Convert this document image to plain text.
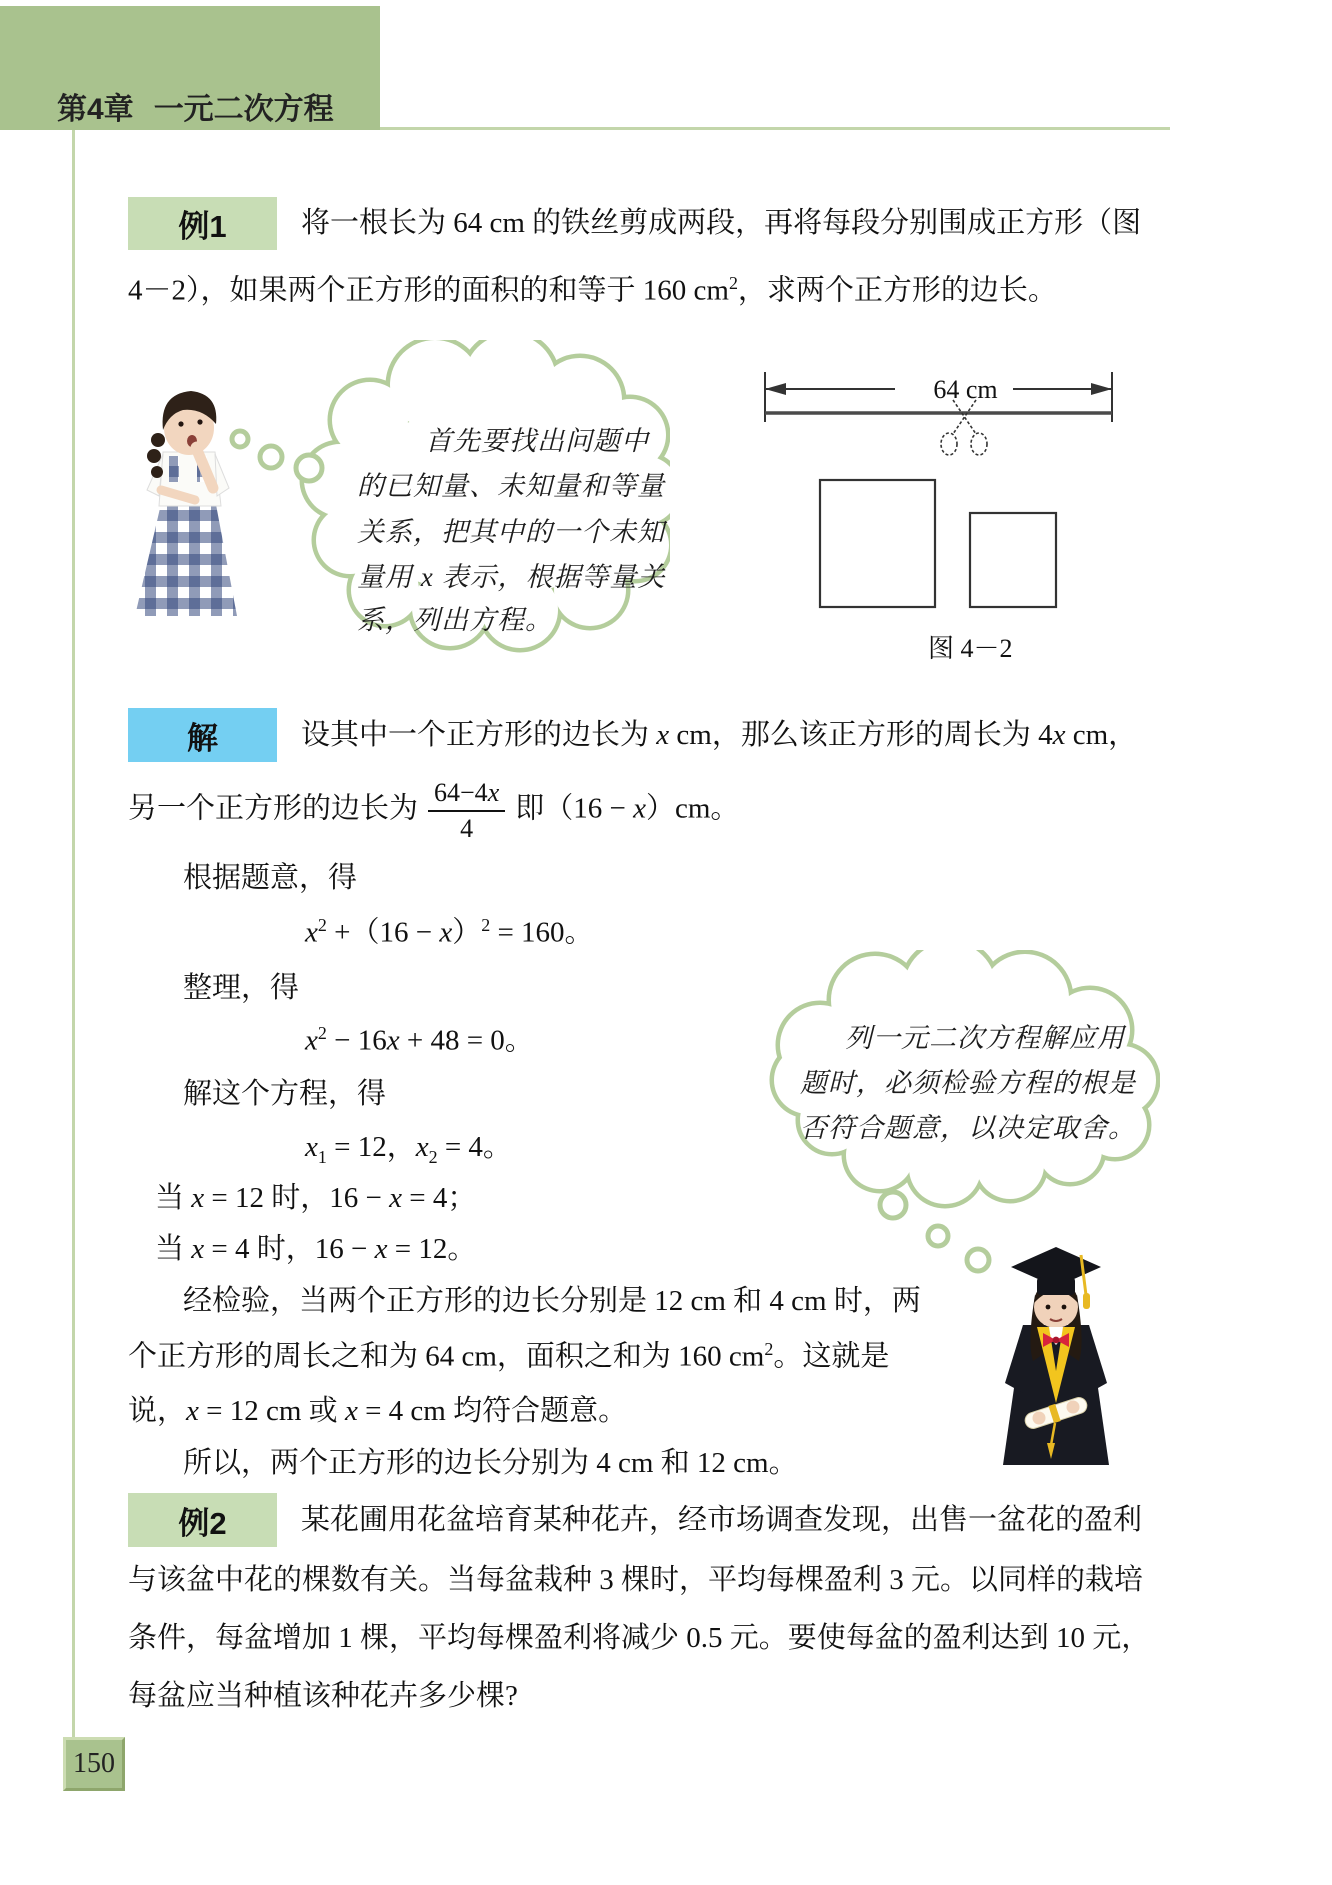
第4章 一元二次方程
例1	将一根长为 64 cm 的铁丝剪成两段，再将每段分别围成正方形（图
4－2），如果两个正方形的面积的和等于 160 $cm^2$，求两个正方形的边长。
首先要找出问题中
的已知量、未知量和等量
关系，把其中的一个未知
量用 x 表示，根据等量关
系，列出方程。
64 cm
图 4－2
解	设其中一个正方形的边长为 x cm，那么该正方形的周长为 4x cm，
另一个正方形的边长为 $\frac{64-4x}{4}$ 即（16 − x）cm。
根据题意，得
$x^2 +(16 - x)^2 = 160$。
整理，得
$x^2 - 16x + 48 = 0$。
解这个方程，得
$x_1 = 12$，$x_2 = 4$。
当 x = 12 时，16 − x = 4；
当 x = 4 时，16 − x = 12。
经检验，当两个正方形的边长分别是 12 cm 和 4 cm 时，两
个正方形的周长之和为 64 cm，面积之和为 160 $cm^2$。这就是
说，x = 12 cm 或 x = 4 cm 均符合题意。
所以，两个正方形的边长分别为 4 cm 和 12 cm。
列一元二次方程解应用
题时，必须检验方程的根是
否符合题意，以决定取舍。
例2	某花圃用花盆培育某种花卉，经市场调查发现，出售一盆花的盈利
与该盆中花的棵数有关。当每盆栽种 3 棵时，平均每棵盈利 3 元。以同样的栽培
条件，每盆增加 1 棵，平均每棵盈利将减少 0.5 元。要使每盆的盈利达到 10 元，
每盆应当种植该种花卉多少棵?
150
